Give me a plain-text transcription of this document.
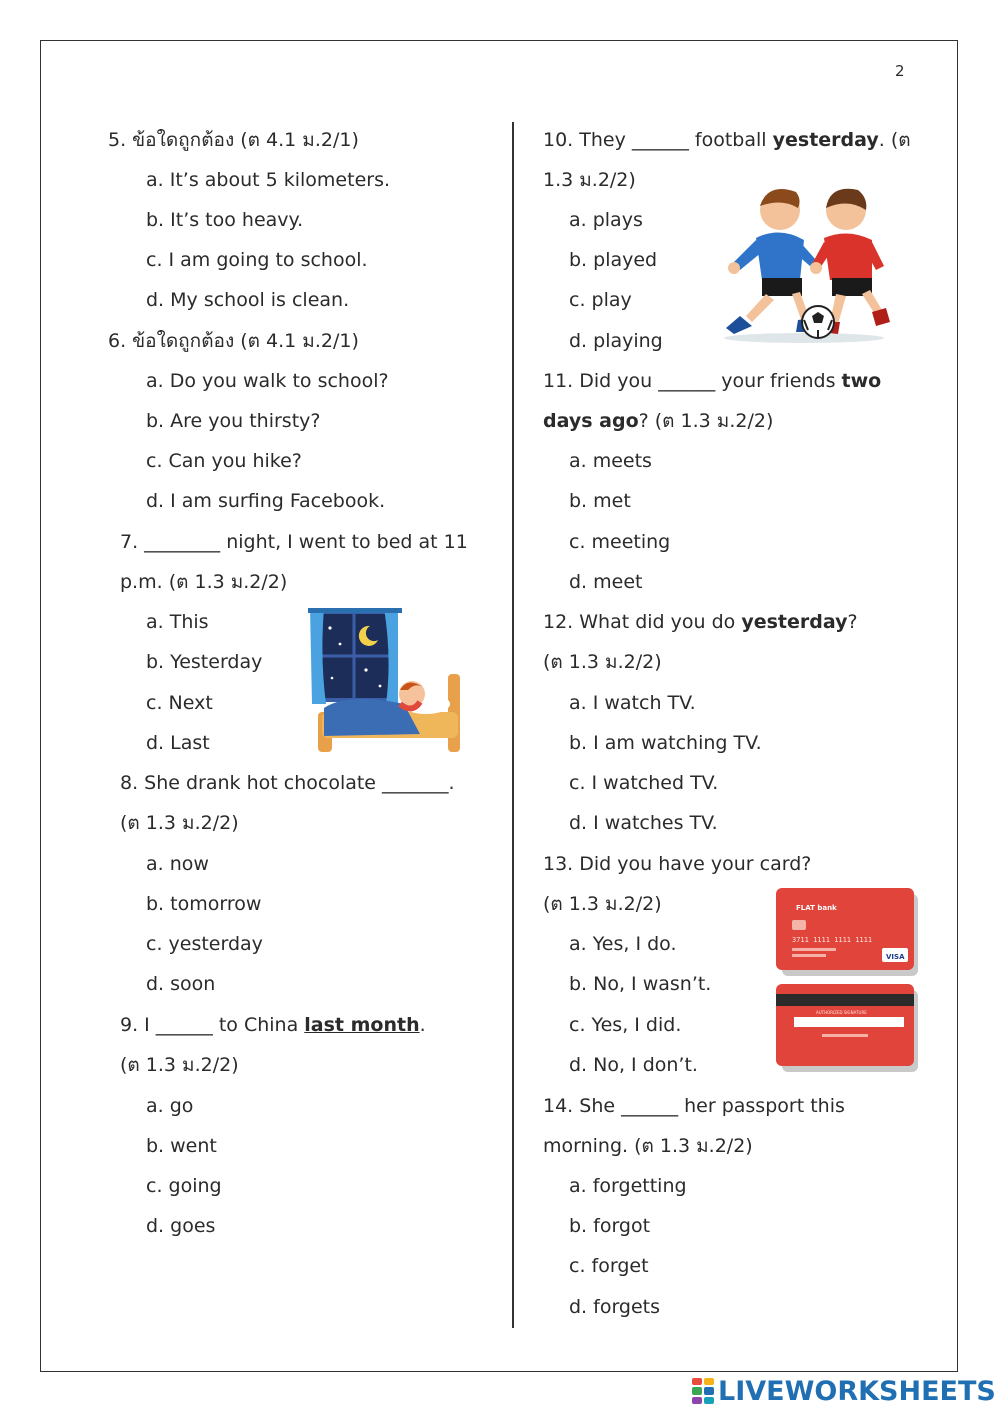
2
5. ข้อใดถูกต้อง (ต 4.1 ม.2/1)
a. It’s about 5 kilometers.
b. It’s too heavy.
c. I am going to school.
d. My school is clean.
6. ข้อใดถูกต้อง (ต 4.1 ม.2/1)
a. Do you walk to school?
b. Are you thirsty?
c. Can you hike?
d. I am surfing Facebook.
7. ________ night, I went to bed at 11
p.m. (ต 1.3 ม.2/2)
a. This
b. Yesterday
c. Next
d. Last
8. She drank hot chocolate _______.
(ต 1.3 ม.2/2)
a. now
b. tomorrow
c. yesterday
d. soon
9. I ______ to China last month.
(ต 1.3 ม.2/2)
a. go
b. went
c. going
d. goes
10. They ______ football yesterday. (ต
1.3 ม.2/2)
a. plays
b. played
c. play
d. playing
11. Did you ______ your friends two
days ago? (ต 1.3 ม.2/2)
a. meets
b. met
c. meeting
d. meet
12. What did you do yesterday?
(ต 1.3 ม.2/2)
a. I watch TV.
b. I am watching TV.
c. I watched TV.
d. I watches TV.
13. Did you have your card?
(ต 1.3 ม.2/2)
a. Yes, I do.
b. No, I wasn’t.
c. Yes, I did.
d. No, I don’t.
FLAT bank
3711 1111 1111 1111
VISA
AUTHORIZED SIGNATURE
14. She ______ her passport this
morning. (ต 1.3 ม.2/2)
a. forgetting
b. forgot
c. forget
d. forgets
LIVEWORKSHEETS
